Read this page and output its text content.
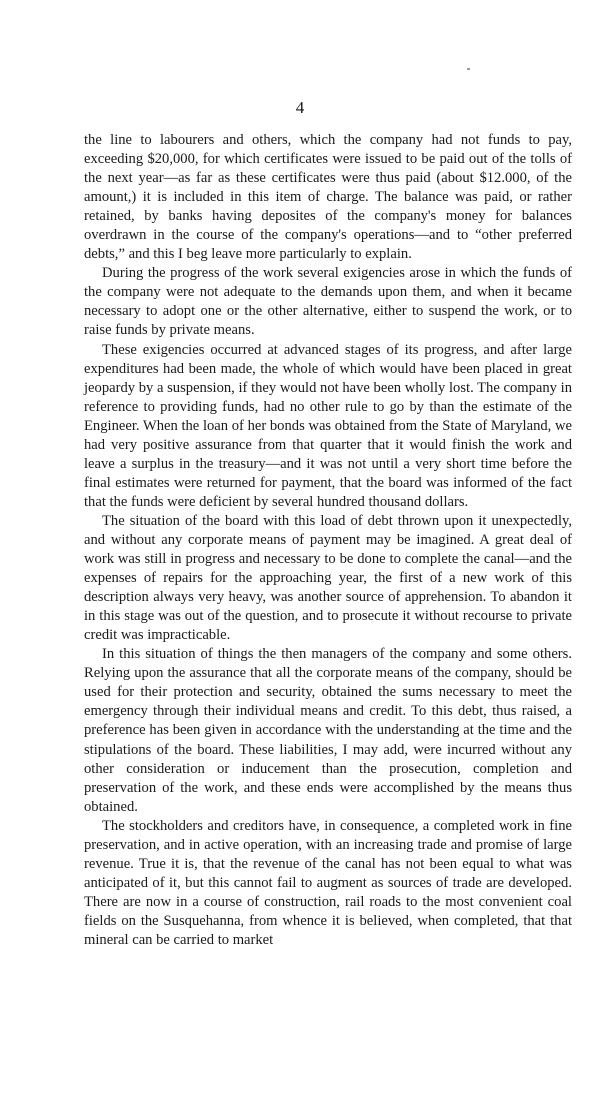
4

the line to labourers and others, which the company had not funds to pay, exceeding $20,000, for which certificates were issued to be paid out of the tolls of the next year—as far as these certificates were thus paid (about $12.000, of the amount,) it is included in this item of charge. The balance was paid, or rather retained, by banks having deposites of the company's money for balances overdrawn in the course of the company's operations—and to “other preferred debts,” and this I beg leave more particularly to explain.

During the progress of the work several exigencies arose in which the funds of the company were not adequate to the demands upon them, and when it became necessary to adopt one or the other alternative, either to suspend the work, or to raise funds by private means.

These exigencies occurred at advanced stages of its progress, and after large expenditures had been made, the whole of which would have been placed in great jeopardy by a suspension, if they would not have been wholly lost. The company in reference to providing funds, had no other rule to go by than the estimate of the Engineer. When the loan of her bonds was obtained from the State of Maryland, we had very positive assurance from that quarter that it would finish the work and leave a surplus in the treasury—and it was not until a very short time before the final estimates were returned for payment, that the board was informed of the fact that the funds were deficient by several hundred thousand dollars.

The situation of the board with this load of debt thrown upon it unexpectedly, and without any corporate means of payment may be imagined. A great deal of work was still in progress and necessary to be done to complete the canal—and the expenses of repairs for the approaching year, the first of a new work of this description always very heavy, was another source of apprehension. To abandon it in this stage was out of the question, and to prosecute it without recourse to private credit was impracticable.

In this situation of things the then managers of the company and some others. Relying upon the assurance that all the corporate means of the company, should be used for their protection and security, obtained the sums necessary to meet the emergency through their individual means and credit. To this debt, thus raised, a preference has been given in accordance with the understanding at the time and the stipulations of the board. These liabilities, I may add, were incurred without any other consideration or inducement than the prosecution, completion and preservation of the work, and these ends were accomplished by the means thus obtained.

The stockholders and creditors have, in consequence, a completed work in fine preservation, and in active operation, with an increasing trade and promise of large revenue. True it is, that the revenue of the canal has not been equal to what was anticipated of it, but this cannot fail to augment as sources of trade are developed. There are now in a course of construction, rail roads to the most convenient coal fields on the Susquehanna, from whence it is believed, when completed, that that mineral can be carried to market
